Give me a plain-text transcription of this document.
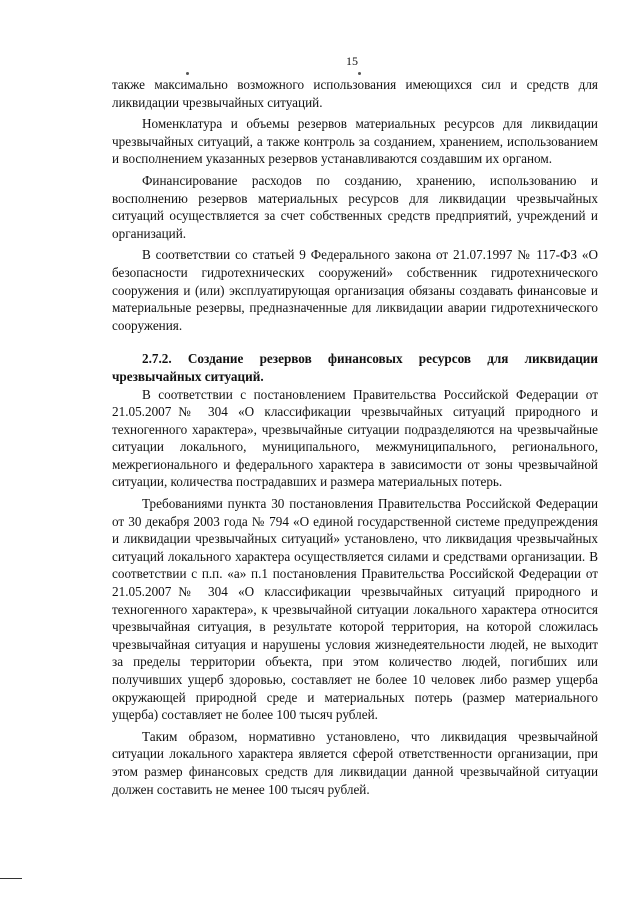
15

также максимально возможного использования имеющихся сил и средств для ликвидации чрезвычайных ситуаций.

Номенклатура и объемы резервов материальных ресурсов для ликвидации чрезвычайных ситуаций, а также контроль за созданием, хранением, использованием и восполнением указанных резервов устанавливаются создавшим их органом.

Финансирование расходов по созданию, хранению, использованию и восполнению резервов материальных ресурсов для ликвидации чрезвычайных ситуаций осуществляется за счет собственных средств предприятий, учреждений и организаций.

В соответствии со статьей 9 Федерального закона от 21.07.1997 № 117-ФЗ «О безопасности гидротехнических сооружений» собственник гидротехнического сооружения и (или) эксплуатирующая организация обязаны создавать финансовые и материальные резервы, предназначенные для ликвидации аварии гидротехнического сооружения.

2.7.2. Создание резервов финансовых ресурсов для ликвидации чрезвычайных ситуаций.

В соответствии с постановлением Правительства Российской Федерации от 21.05.2007№ 304 «О классификации чрезвычайных ситуаций природного и техногенного характера», чрезвычайные ситуации подразделяются на чрезвычайные ситуации локального, муниципального, межмуниципального, регионального, межрегионального и федерального характера в зависимости от зоны чрезвычайной ситуации, количества пострадавших и размера материальных потерь.

Требованиями пункта 30 постановления Правительства Российской Федерации от 30 декабря 2003 года № 794 «О единой государственной системе предупреждения и ликвидации чрезвычайных ситуаций» установлено, что ликвидация чрезвычайных ситуаций локального характера осуществляется силами и средствами организации. В соответствии с п.п. «а» п.1 постановления Правительства Российской Федерации от 21.05.2007№ 304 «О классификации чрезвычайных ситуаций природного и техногенного характера», к чрезвычайной ситуации локального характера относится чрезвычайная ситуация, в результате которой территория, на которой сложилась чрезвычайная ситуация и нарушены условия жизнедеятельности людей, не выходит за пределы территории объекта, при этом количество людей, погибших или получивших ущерб здоровью, составляет не более 10 человек либо размер ущерба окружающей природной среде и материальных потерь (размер материального ущерба) составляет не более 100 тысяч рублей.

Таким образом, нормативно установлено, что ликвидация чрезвычайной ситуации локального характера является сферой ответственности организации, при этом размер финансовых средств для ликвидации данной чрезвычайной ситуации должен составить не менее 100 тысяч рублей.
